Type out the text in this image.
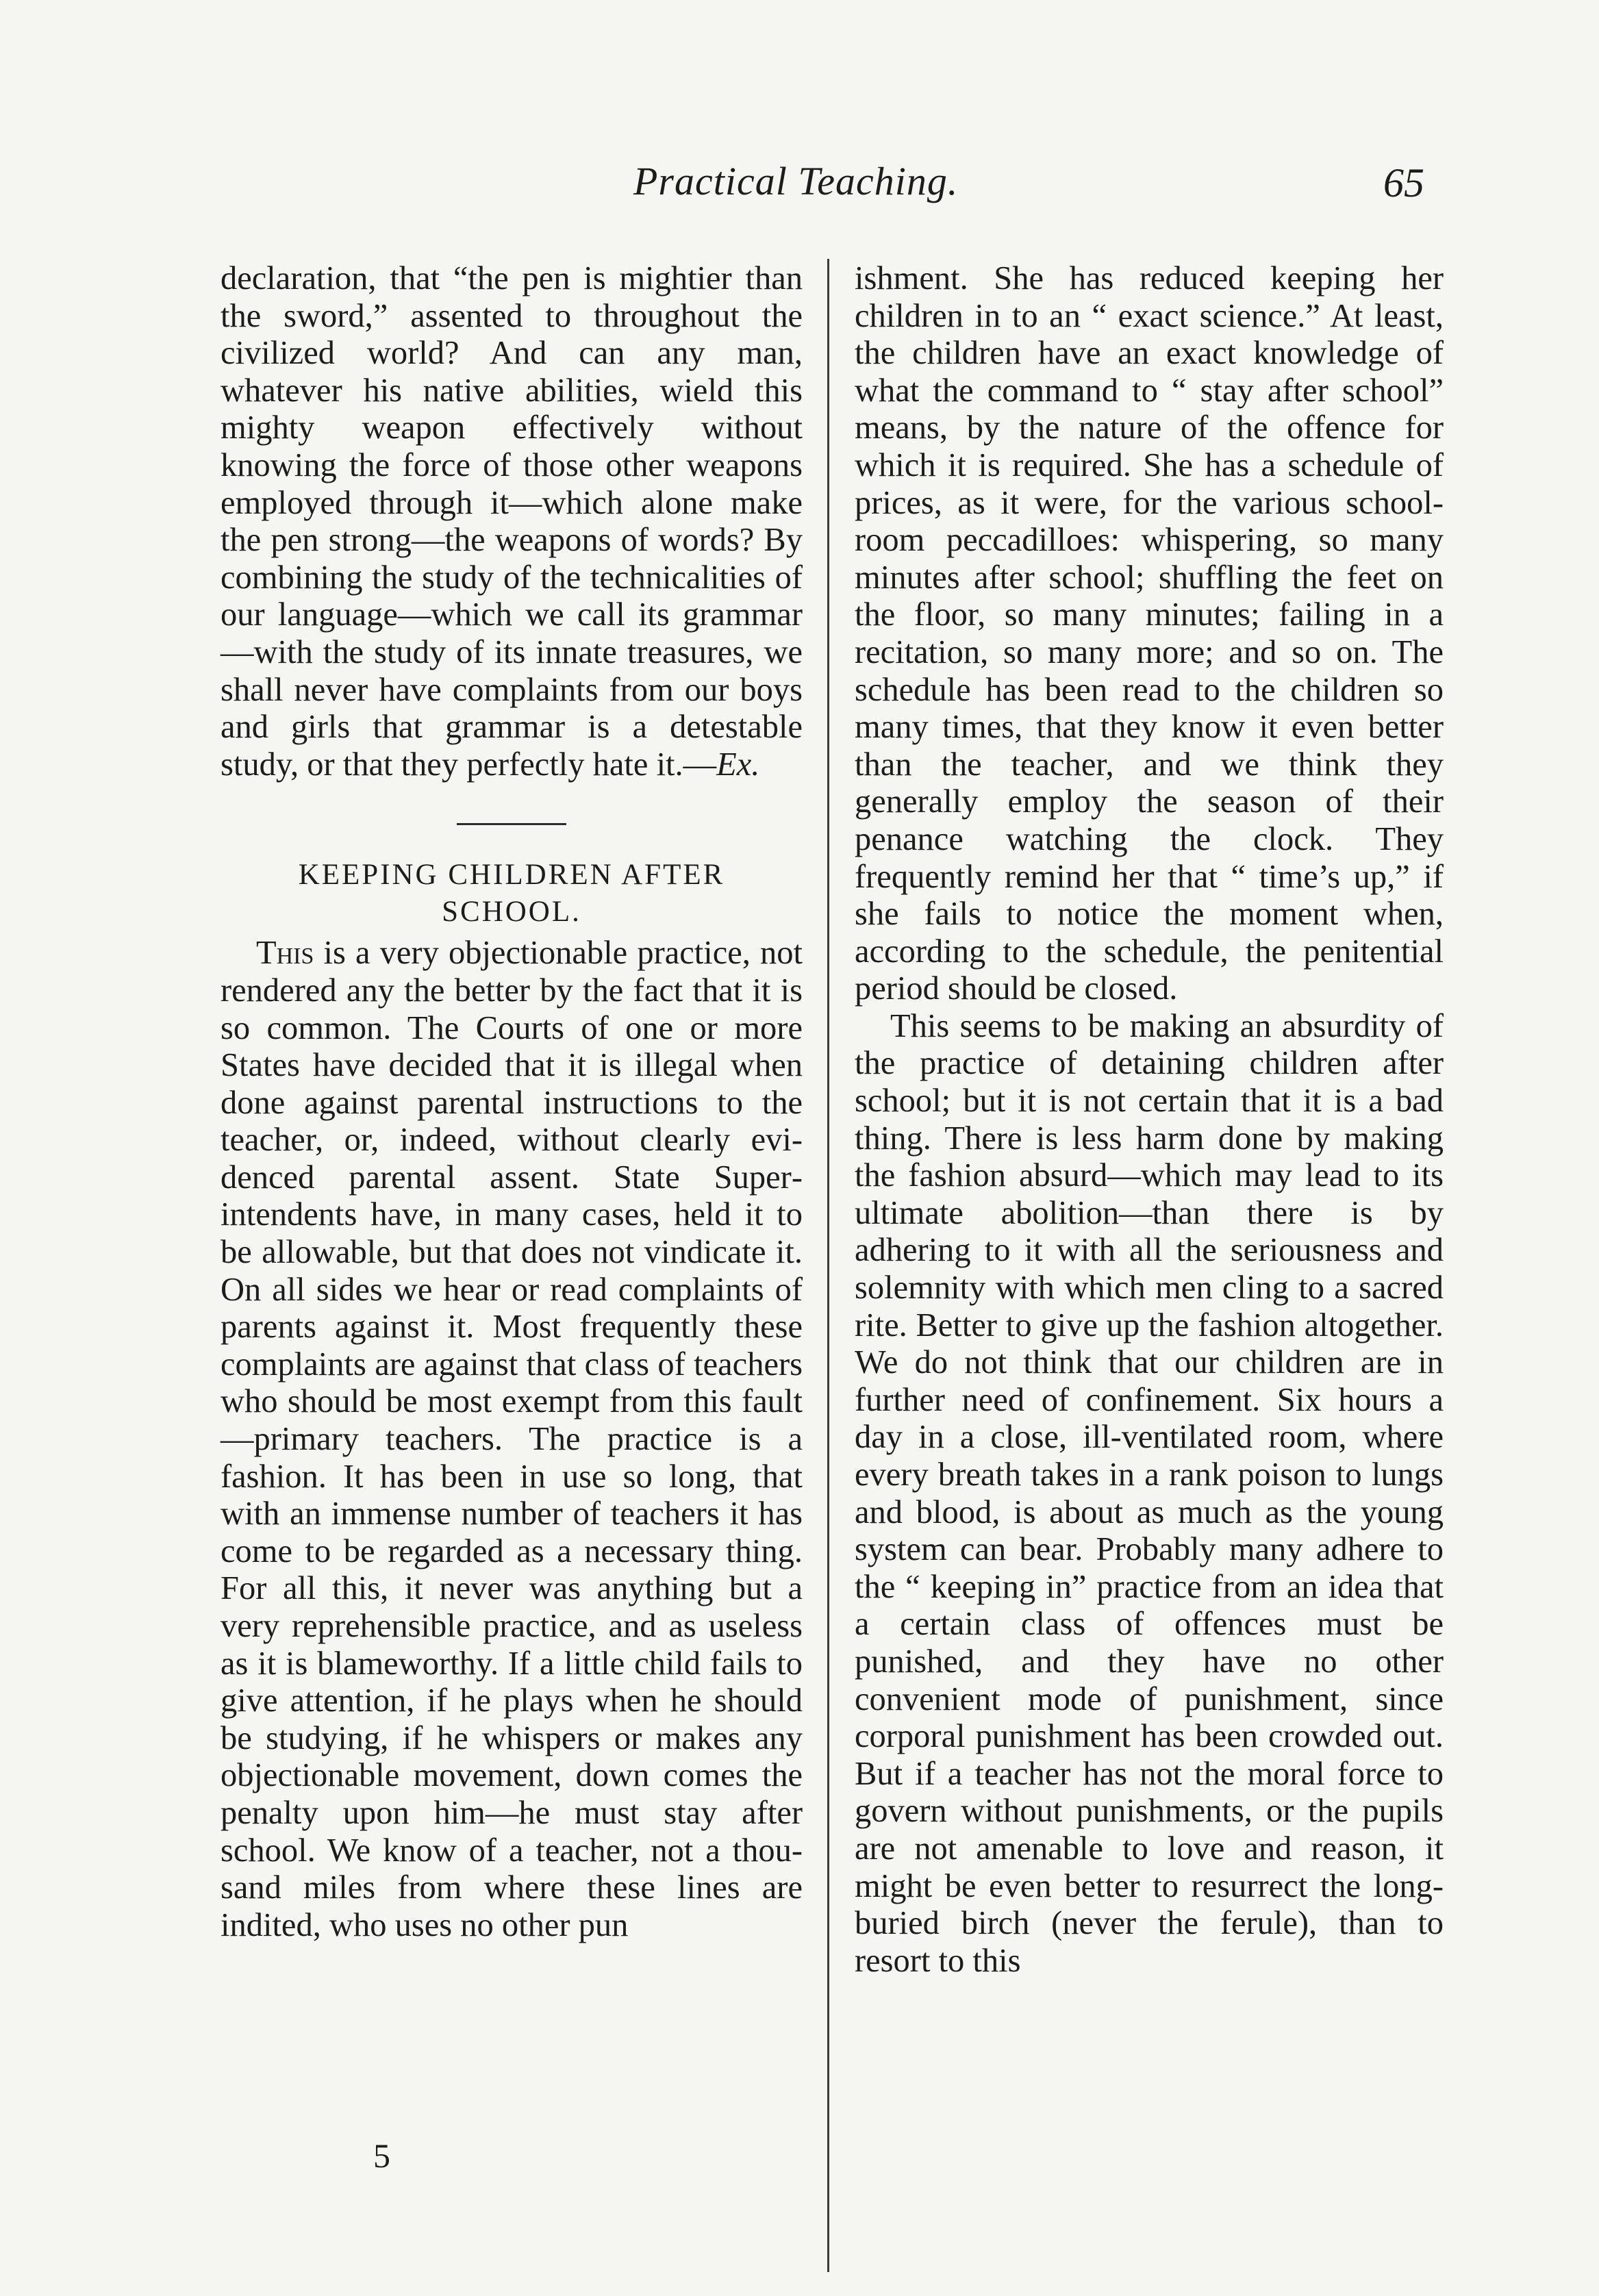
Practical Teaching.	65

declaration, that “the pen is mightier than the sword,” assented to throughout the civilized world? And can any man, whatever his native abilities, wield this mighty weapon effectively without knowing the force of those other weapons employed through it—which alone make the pen strong—the weapons of words? By combining the study of the technicalities of our language—which we call its grammar—with the study of its innate treasures, we shall never have complaints from our boys and girls that grammar is a detestable study, or that they perfectly hate it.—Ex.

KEEPING CHILDREN AFTER SCHOOL.

This is a very objectionable practice, not rendered any the better by the fact that it is so common. The Courts of one or more States have decided that it is illegal when done against parental instructions to the teacher, or, indeed, without clearly evidenced parental assent. State Superintendents have, in many cases, held it to be allowable, but that does not vindicate it. On all sides we hear or read complaints of parents against it. Most frequently these complaints are against that class of teachers who should be most exempt from this fault—primary teachers. The practice is a fashion. It has been in use so long, that with an immense number of teachers it has come to be regarded as a necessary thing. For all this, it never was anything but a very reprehensible practice, and as useless as it is blameworthy. If a little child fails to give attention, if he plays when he should be studying, if he whispers or makes any objectionable movement, down comes the penalty upon him—he must stay after school. We know of a teacher, not a thousand miles from where these lines are indited, who uses no other pun

ishment. She has reduced keeping her children in to an “ exact science.” At least, the children have an exact knowledge of what the command to “ stay after school” means, by the nature of the offence for which it is required. She has a schedule of prices, as it were, for the various school-room peccadilloes: whispering, so many minutes after school; shuffling the feet on the floor, so many minutes; failing in a recitation, so many more; and so on. The schedule has been read to the children so many times, that they know it even better than the teacher, and we think they generally employ the season of their penance watching the clock. They frequently remind her that “ time’s up,” if she fails to notice the moment when, according to the schedule, the penitential period should be closed.

This seems to be making an absurdity of the practice of detaining children after school; but it is not certain that it is a bad thing. There is less harm done by making the fashion absurd—which may lead to its ultimate abolition—than there is by adhering to it with all the seriousness and solemnity with which men cling to a sacred rite. Better to give up the fashion altogether. We do not think that our children are in further need of confinement. Six hours a day in a close, ill-ventilated room, where every breath takes in a rank poison to lungs and blood, is about as much as the young system can bear. Probably many adhere to the “ keeping in” practice from an idea that a certain class of offences must be punished, and they have no other convenient mode of punishment, since corporal punishment has been crowded out. But if a teacher has not the moral force to govern without punishments, or the pupils are not amenable to love and reason, it might be even better to resurrect the long-buried birch (never the ferule), than to resort to this

5
